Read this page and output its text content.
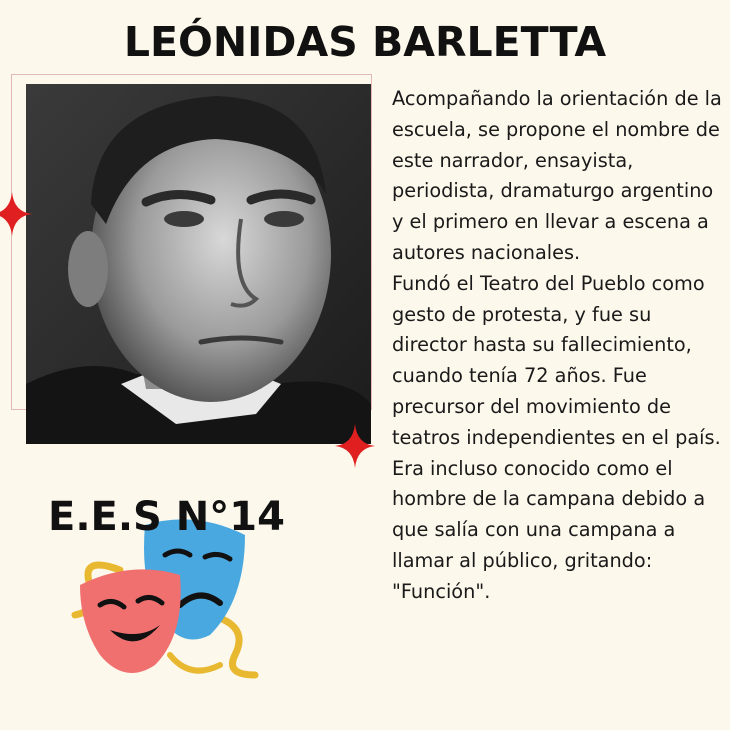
LEÓNIDAS BARLETTA

Acompañando la orientación de la escuela, se propone el nombre de este narrador, ensayista, periodista, dramaturgo argentino y el primero en llevar a escena a autores nacionales.

Fundó el Teatro del Pueblo como gesto de protesta, y fue su director hasta su fallecimiento, cuando tenía 72 años. Fue precursor del movimiento de teatros independientes en el país. Era incluso conocido como el hombre de la campana debido a que salía con una campana a llamar al público, gritando: "Función".

E.E.S N°14
